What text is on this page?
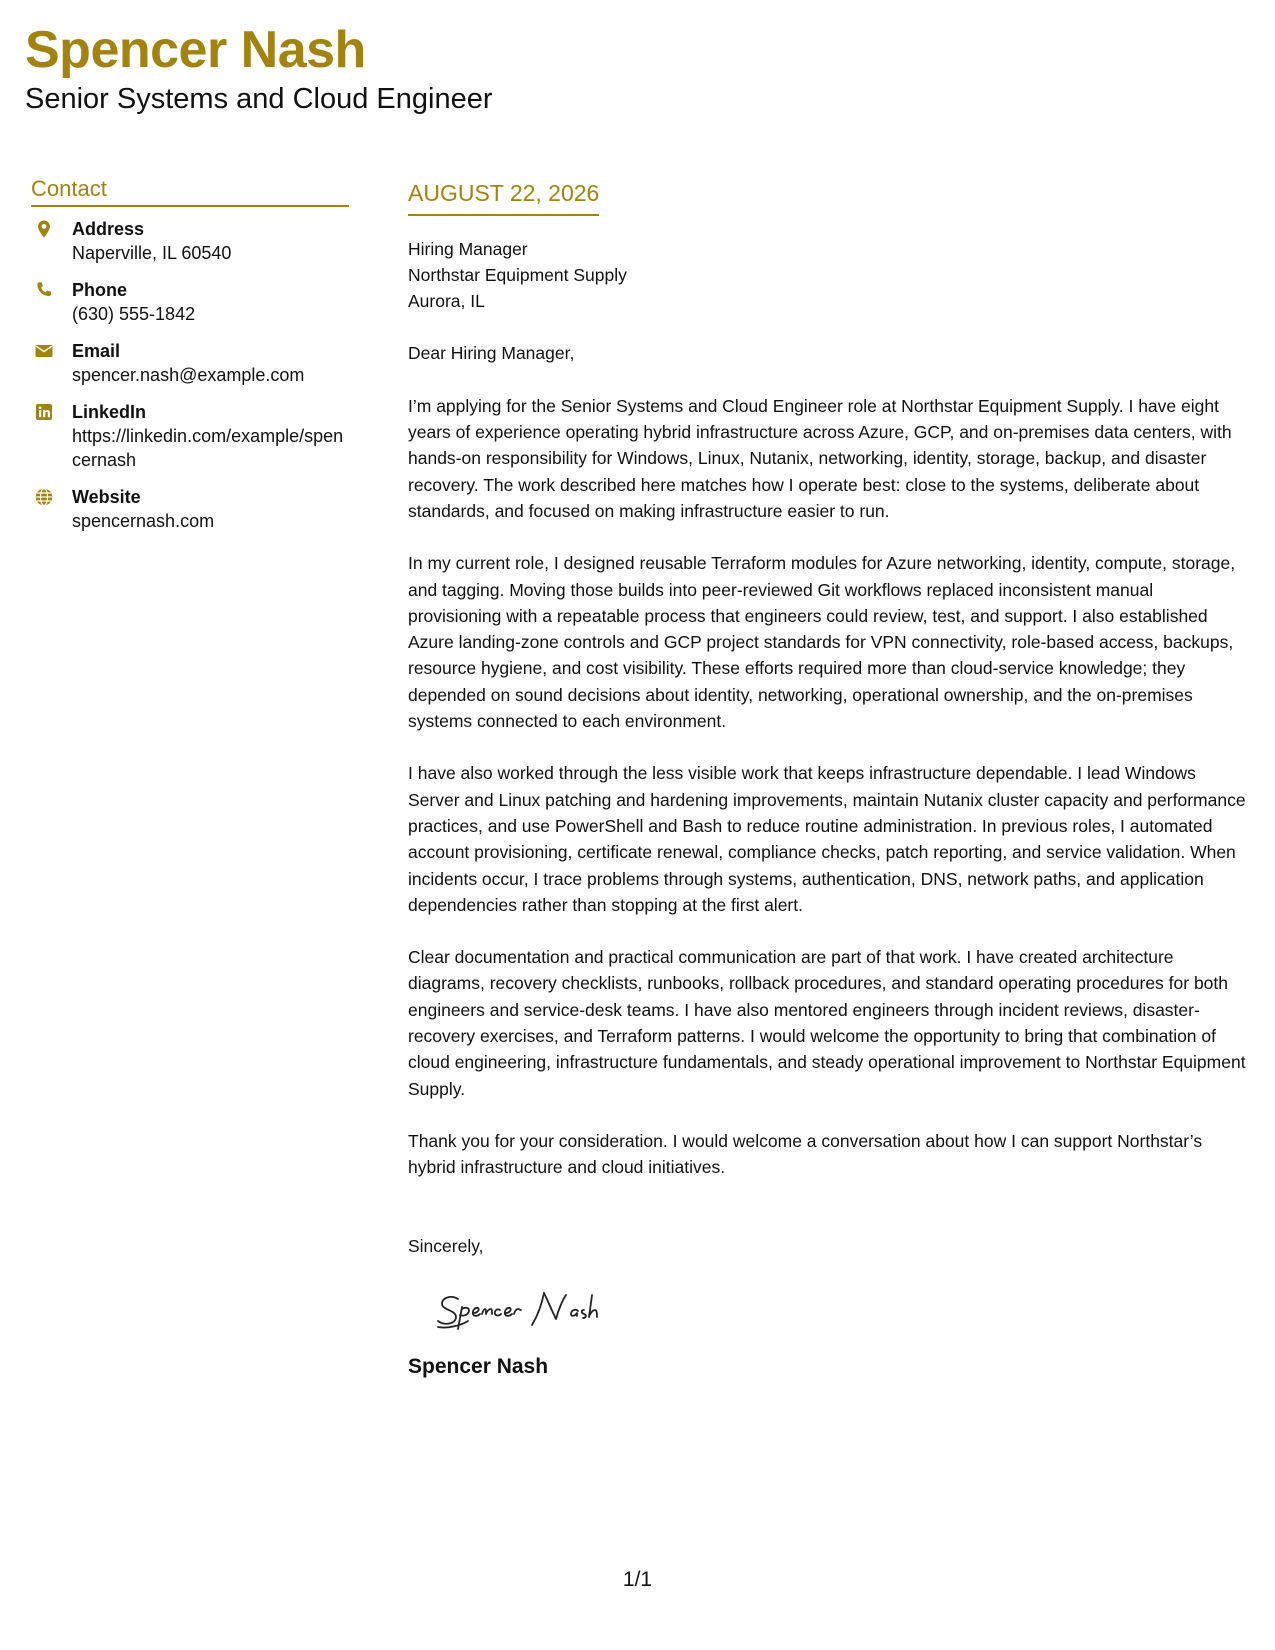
Spencer Nash
Senior Systems and Cloud Engineer
Contact
Address
Naperville, IL 60540
Phone
(630) 555-1842
Email
spencer.nash@example.com
LinkedIn
https://linkedin.com/example/spencernash
Website
spencernash.com
AUGUST 22, 2026
Hiring Manager
Northstar Equipment Supply
Aurora, IL
Dear Hiring Manager,
I’m applying for the Senior Systems and Cloud Engineer role at Northstar Equipment Supply. I have eight years of experience operating hybrid infrastructure across Azure, GCP, and on-premises data centers, with hands-on responsibility for Windows, Linux, Nutanix, networking, identity, storage, backup, and disaster recovery. The work described here matches how I operate best: close to the systems, deliberate about standards, and focused on making infrastructure easier to run.
In my current role, I designed reusable Terraform modules for Azure networking, identity, compute, storage, and tagging. Moving those builds into peer-reviewed Git workflows replaced inconsistent manual provisioning with a repeatable process that engineers could review, test, and support. I also established Azure landing-zone controls and GCP project standards for VPN connectivity, role-based access, backups, resource hygiene, and cost visibility. These efforts required more than cloud-service knowledge; they depended on sound decisions about identity, networking, operational ownership, and the on-premises systems connected to each environment.
I have also worked through the less visible work that keeps infrastructure dependable. I lead Windows Server and Linux patching and hardening improvements, maintain Nutanix cluster capacity and performance practices, and use PowerShell and Bash to reduce routine administration. In previous roles, I automated account provisioning, certificate renewal, compliance checks, patch reporting, and service validation. When incidents occur, I trace problems through systems, authentication, DNS, network paths, and application dependencies rather than stopping at the first alert.
Clear documentation and practical communication are part of that work. I have created architecture diagrams, recovery checklists, runbooks, rollback procedures, and standard operating procedures for both engineers and service-desk teams. I have also mentored engineers through incident reviews, disaster-recovery exercises, and Terraform patterns. I would welcome the opportunity to bring that combination of cloud engineering, infrastructure fundamentals, and steady operational improvement to Northstar Equipment Supply.
Thank you for your consideration. I would welcome a conversation about how I can support Northstar’s hybrid infrastructure and cloud initiatives.
Sincerely,
Spencer Nash
1/1
